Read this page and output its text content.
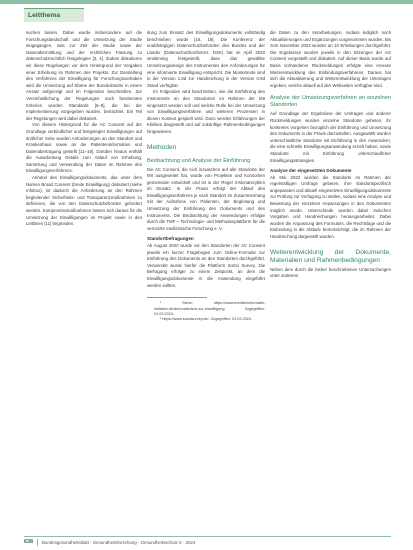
Leitthema

suchen lassen. Dabei wurde insbesondere auf die Forschungslandschaft und die Umsetzung der Studie eingegangen, was zur Zeit der Studie sowie der Datenübermittlung und der rechtlichen Fassung zu datenschutzrechtlich festgelegten [3, 4]. Zudem diskutieren wir diese Regelungen vor dem Hintergrund der Vorgaben einer Erhebung im Rahmen des Projekts. Zur Darstellung des Verfahrens der Einwilligung für Forschungsvorhaben wird die Umsetzung auf Ebene der Bundesländer in einem Ansatz aufgezeigt und im Folgenden beschrieben. Zur Vereinheitlichung der Regelungen nach bestimmten Kriterien wurden Standards [6–8], die bei der Implementierung vorgegeben wurden, betrachtet. Ein Teil der Regelungen wird dabei diskutiert.

Von diesem Hintergrund für die AC Consent auf der Grundlage verbindlicher und festgelegter Einwilligungen auf ärztlicher Seite wurden Anforderungen an den Standort und Krankenhaus sowie an die Patienteninformation und Datenübertragung gestellt [11–19]. Darüber hinaus enthält die Ausarbeitung Details zum Ablauf von Erhebung, Sammlung und Verwendung der Daten im Rahmen des Einwilligungsverfahrens.

Anhand des Einwilligungsdokuments, das unter dem Namen Broad Consent (breite Einwilligung) diskutiert (siehe Infobox), ist dadurch die Anforderung an den Rahmen begleitender Sicherheits- und Transparenzmaßnahmen zu definieren, die von den Datenschutzbehörden gefordert werden. Kompromissmaßnahmen lassen sich daraus für die Umsetzung der Einwilligungen im Projekt sowie in den Leitlinien [11] begründen.

dung zum Einsatz des Einwilligungsdokuments vollständig beschrieben wurde [16, 19]. Die Konferenz der unabhängigen Datenschutzbehörden des Bundes und der Länder (Datenschutzkonferenz, DSK) hat im April 2020 einstimmig festgestellt, dass das gewählte Umsetzungsdesign des Instrumentes den Anforderungen für eine informierte Einwilligung entspricht. Die Mustertexte sind in der Version 1.6d zur Handreichung in der Version 0.9d Stand verfügbar.

Im Folgenden wird beschrieben, wie die Einführung des Instruments an den Standorten im Rahmen der MII eingesetzt werden soll und welche Rolle bei der Umsetzung von Einwilligungsverfahren und weiteren Prozessen in diesen Kontext gespielt wird. Dazu werden Erfahrungen der Kliniken dargestellt und auf zukünftige Rahmenbedingungen hingewiesen.

Methoden
Beobachtung und Analyse der Einführung

Die AC Consent, die sich inzwischen auf alle Standorte der MII ausgeweitet hat, wurde von Projekten und Konsortien gemeinsam entwickelt und ist in der Regel 3-Monatszyklen im Einsatz. In der Praxis erfolgt der Ablauf des Einwilligungsverfahrens je nach Standort im Zusammenhang mit der Aufnahme von Patienten, der Begleitung und Umsetzung der Einführung des Dokuments und des Instruments. Die Beobachtung der Anwendungen erfolgte durch die TMF – Technologie- und Methodenplattform für die vernetzte medizinische Forschung e. V.

Standortbefragungen

Ab August 2020 wurde vor den Standorten der AC Consent jeweils ein kurzer Fragebogen zum Online-Formular zur Einführung des Dokuments an den Standorten durchgeführt. Verwendet wurde hierfür die Plattform SoSci Survey. Die Befragung erfolgte zu einem Zeitpunkt, an dem die Einwilligungsdokumente in die Anwendung eingeführt werden sollten.

¹ Siehe: https://www.medizininformatik-initiative.de/de/mustertext-zur-einwilligung. Zugegriffen: 01.03.2024.

² https://www.soscisurvey.de/. Zugegriffen: 01.03.2024.

die Daten zu den Verarbeitungen, sodass lediglich noch Aktualisierungen und Ergänzungen vorgenommen wurden. Bis zum November 2022 wurden an 10 Erhebungen durchgeführt. Die Ergebnisse wurden jeweils in den Sitzungen der AG Consent vorgestellt und diskutiert. Auf dieser Basis wurde auf Basis vorhandener Rückmeldungen erfolgte eine erneute Weiterentwicklung des Einbindungsverfahrens. Daraus hat sich die Aktualisierung und Weiterentwicklung der Unterlagen ergeben, welche aktuell auf den Webseiten verfügbar sind.

Analyse der Umsetzungsverfahren an einzelnen Standorten

Auf Grundlage der Ergebnisse der Umfragen und anderer Rückmeldungen wurden einzelne Standorte gebeten, ihr konkretes Vorgehen bezüglich der Einführung und Umsetzung des Dokuments in der Praxis darzustellen. Ausgewählt wurden unterschiedliche Standorte mit Einführung in den Anwendern, die eine schnelle Einwilligungsanwendung erzielt haben, sowie Standorte mit Einführung unterschiedlicher Einwilligungsstrategien.

Analyse der eingesetzten Dokumente

Ab Mai 2022 wurden die Standorte im Rahmen der regelmäßigen Umfrage gebeten, ihre standortspezifisch angepassten und aktuell eingesetzten Einwilligungsdokumente zur Prüfung zur Verfügung zu stellen, sodass eine Analyse und Bewertung der einzelnen Anpassungen in den Dokumenten möglich wurde. Unterschiede wurden dabei zwischen Vorgaben und Handreichungen herausgearbeitet. Dabei wurden die Anpassung des Formulars, die Rechtslage und die Einbindung in die Abläufe berücksichtigt, die im Rahmen der Handreichung dargestellt wurden.

Weiterentwicklung der Dokumente, Materialien und Rahmenbedingungen

Neben dem durch die bisher beschriebenen Untersuchungen unter anderem

638 Bundesgesundheitsblatt - Gesundheitsforschung - Gesundheitsschutz 6 · 2024
